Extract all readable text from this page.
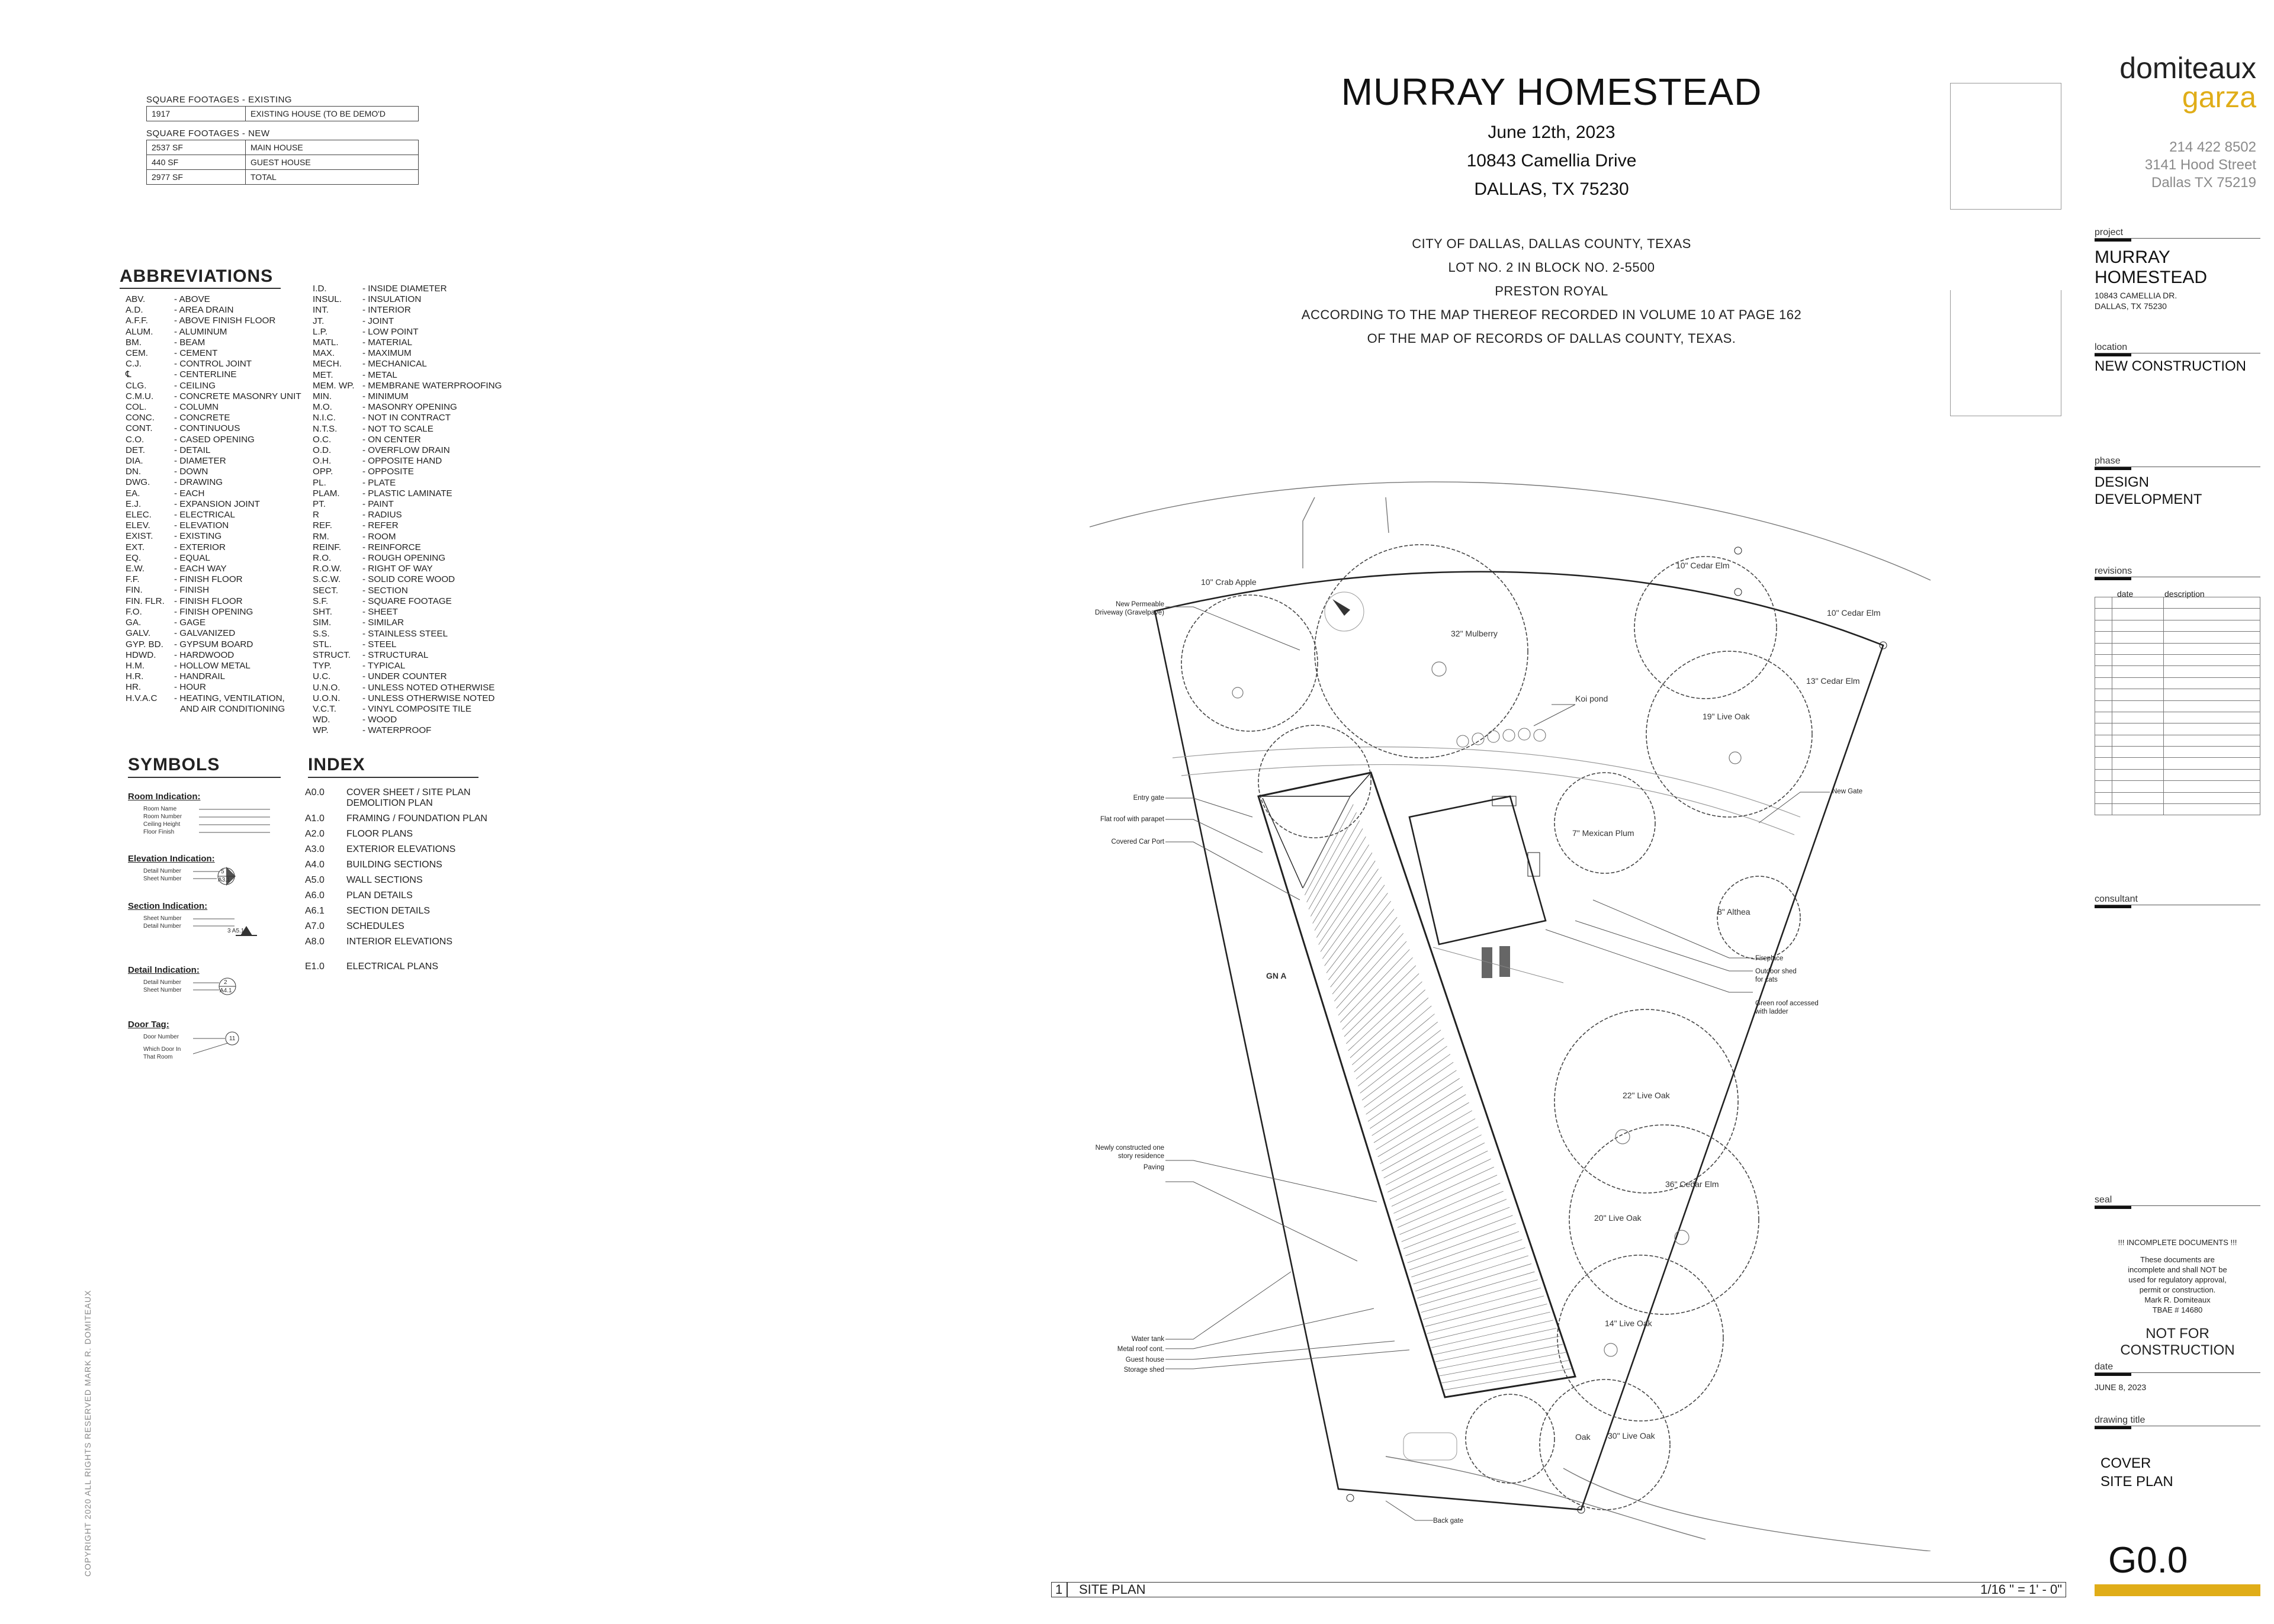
SQUARE FOOTAGES - EXISTING
1917	EXISTING HOUSE (TO BE DEMO'D
SQUARE FOOTAGES - NEW
2537 SF	MAIN HOUSE
440 SF	GUEST HOUSE
2977 SF	TOTAL
ABBREVIATIONS
ABV.	- ABOVE
A.D.	- AREA DRAIN
A.F.F.	- ABOVE FINISH FLOOR
ALUM.	- ALUMINUM
BM.	- BEAM
CEM.	- CEMENT
C.J.	- CONTROL JOINT
℄	- CENTERLINE
CLG.	- CEILING
C.M.U.	- CONCRETE MASONRY UNIT
COL.	- COLUMN
CONC.	- CONCRETE
CONT.	- CONTINUOUS
C.O.	- CASED OPENING
DET.	- DETAIL
DIA.	- DIAMETER
DN.	- DOWN
DWG.	- DRAWING
EA.	- EACH
E.J.	- EXPANSION JOINT
ELEC.	- ELECTRICAL
ELEV.	- ELEVATION
EXIST.	- EXISTING
EXT.	- EXTERIOR
EQ.	- EQUAL
E.W.	- EACH WAY
F.F.	- FINISH FLOOR
FIN.	- FINISH
FIN. FLR.	- FINISH FLOOR
F.O.	- FINISH OPENING
GA.	- GAGE
GALV.	- GALVANIZED
GYP. BD.	- GYPSUM BOARD
HDWD.	- HARDWOOD
H.M.	- HOLLOW METAL
H.R.	- HANDRAIL
HR.	- HOUR
H.V.A.C	- HEATING, VENTILATION,
AND AIR CONDITIONING
I.D.	- INSIDE DIAMETER
INSUL.	- INSULATION
INT.	- INTERIOR
JT.	- JOINT
L.P.	- LOW POINT
MATL.	- MATERIAL
MAX.	- MAXIMUM
MECH.	- MECHANICAL
MET.	- METAL
MEM. WP. - MEMBRANE WATERPROOFING
MIN.	- MINIMUM
M.O.	- MASONRY OPENING
N.I.C.	- NOT IN CONTRACT
N.T.S.	- NOT TO SCALE
O.C.	- ON CENTER
O.D.	- OVERFLOW DRAIN
O.H.	- OPPOSITE HAND
OPP.	- OPPOSITE
PL.	- PLATE
PLAM.	- PLASTIC LAMINATE
PT.	- PAINT
R	- RADIUS
REF.	- REFER
RM.	- ROOM
REINF.	- REINFORCE
R.O.	- ROUGH OPENING
R.O.W.	- RIGHT OF WAY
S.C.W.	- SOLID CORE WOOD
SECT.	- SECTION
S.F.	- SQUARE FOOTAGE
SHT.	- SHEET
SIM.	- SIMILAR
S.S.	- STAINLESS STEEL
STL.	- STEEL
STRUCT.	- STRUCTURAL
TYP.	- TYPICAL
U.C.	- UNDER COUNTER
U.N.O.	- UNLESS NOTED OTHERWISE
U.O.N.	- UNLESS OTHERWISE NOTED
V.C.T.	- VINYL COMPOSITE TILE
WD.	- WOOD
WP.	- WATERPROOF
SYMBOLS
Room Indication:
Room Name
Room Number
Ceiling Height
Floor Finish
Elevation Indication:
Detail Number
Sheet Number
5
A3.1
Section Indication:
Sheet Number
Detail Number
3 A5.1
Detail Indication:
Detail Number
Sheet Number
2
A4.1
Door Tag:
Door Number
Which Door In
That Room
11
INDEX
A0.0	COVER SHEET / SITE PLAN
DEMOLITION PLAN
A1.0	FRAMING / FOUNDATION PLAN
A2.0	FLOOR PLANS
A3.0	EXTERIOR ELEVATIONS
A4.0	BUILDING SECTIONS
A5.0	WALL SECTIONS
A6.0	PLAN DETAILS
A6.1	SECTION DETAILS
A7.0	SCHEDULES
A8.0	INTERIOR ELEVATIONS
E1.0	ELECTRICAL PLANS
COPYRIGHT 2020 ALL RIGHTS RESERVED MARK R. DOMITEAUX
MURRAY HOMESTEAD
June 12th, 2023
10843 Camellia Drive
DALLAS, TX 75230
CITY OF DALLAS, DALLAS COUNTY, TEXAS
LOT NO. 2 IN BLOCK NO. 2-5500
PRESTON ROYAL
ACCORDING TO THE MAP THEREOF RECORDED IN VOLUME 10 AT PAGE 162
OF THE MAP OF RECORDS OF DALLAS COUNTY, TEXAS.
domiteaux
garza
214 422 8502
3141 Hood Street
Dallas TX 75219
project
MURRAY
HOMESTEAD
10843 CAMELLIA DR.
DALLAS, TX 75230
location
NEW CONSTRUCTION
phase
DESIGN
DEVELOPMENT
revisions
date	description

consultant
seal
!!! INCOMPLETE DOCUMENTS !!!
These documents are
incomplete and shall NOT be
used for regulatory approval,
permit or construction.
Mark R. Domiteaux
TBAE # 14680
NOT FOR
CONSTRUCTION
date
JUNE 8, 2023
drawing title
COVER
SITE PLAN
G0.0
1 SITE PLAN	1/16 " = 1' - 0"
10" Crab Apple
32" Mulberry
10" Cedar Elm
10" Cedar Elm
13" Cedar Elm
19" Live Oak
Koi pond
7" Mexican Plum
8" Althea
22" Live Oak
36" Cedar Elm
20" Live Oak
14" Live Oak
30" Live Oak
Oak
GN A
New Permeable
Driveway (Gravelpave)
Entry gate
Flat roof with parapet
Covered Car Port
Newly constructed one
story residence
Paving
Water tank
Metal roof cont.
Guest house
Storage shed
New Gate
Fireplace
Outdoor shed
for cats
Green roof accessed
with ladder
Back gate
